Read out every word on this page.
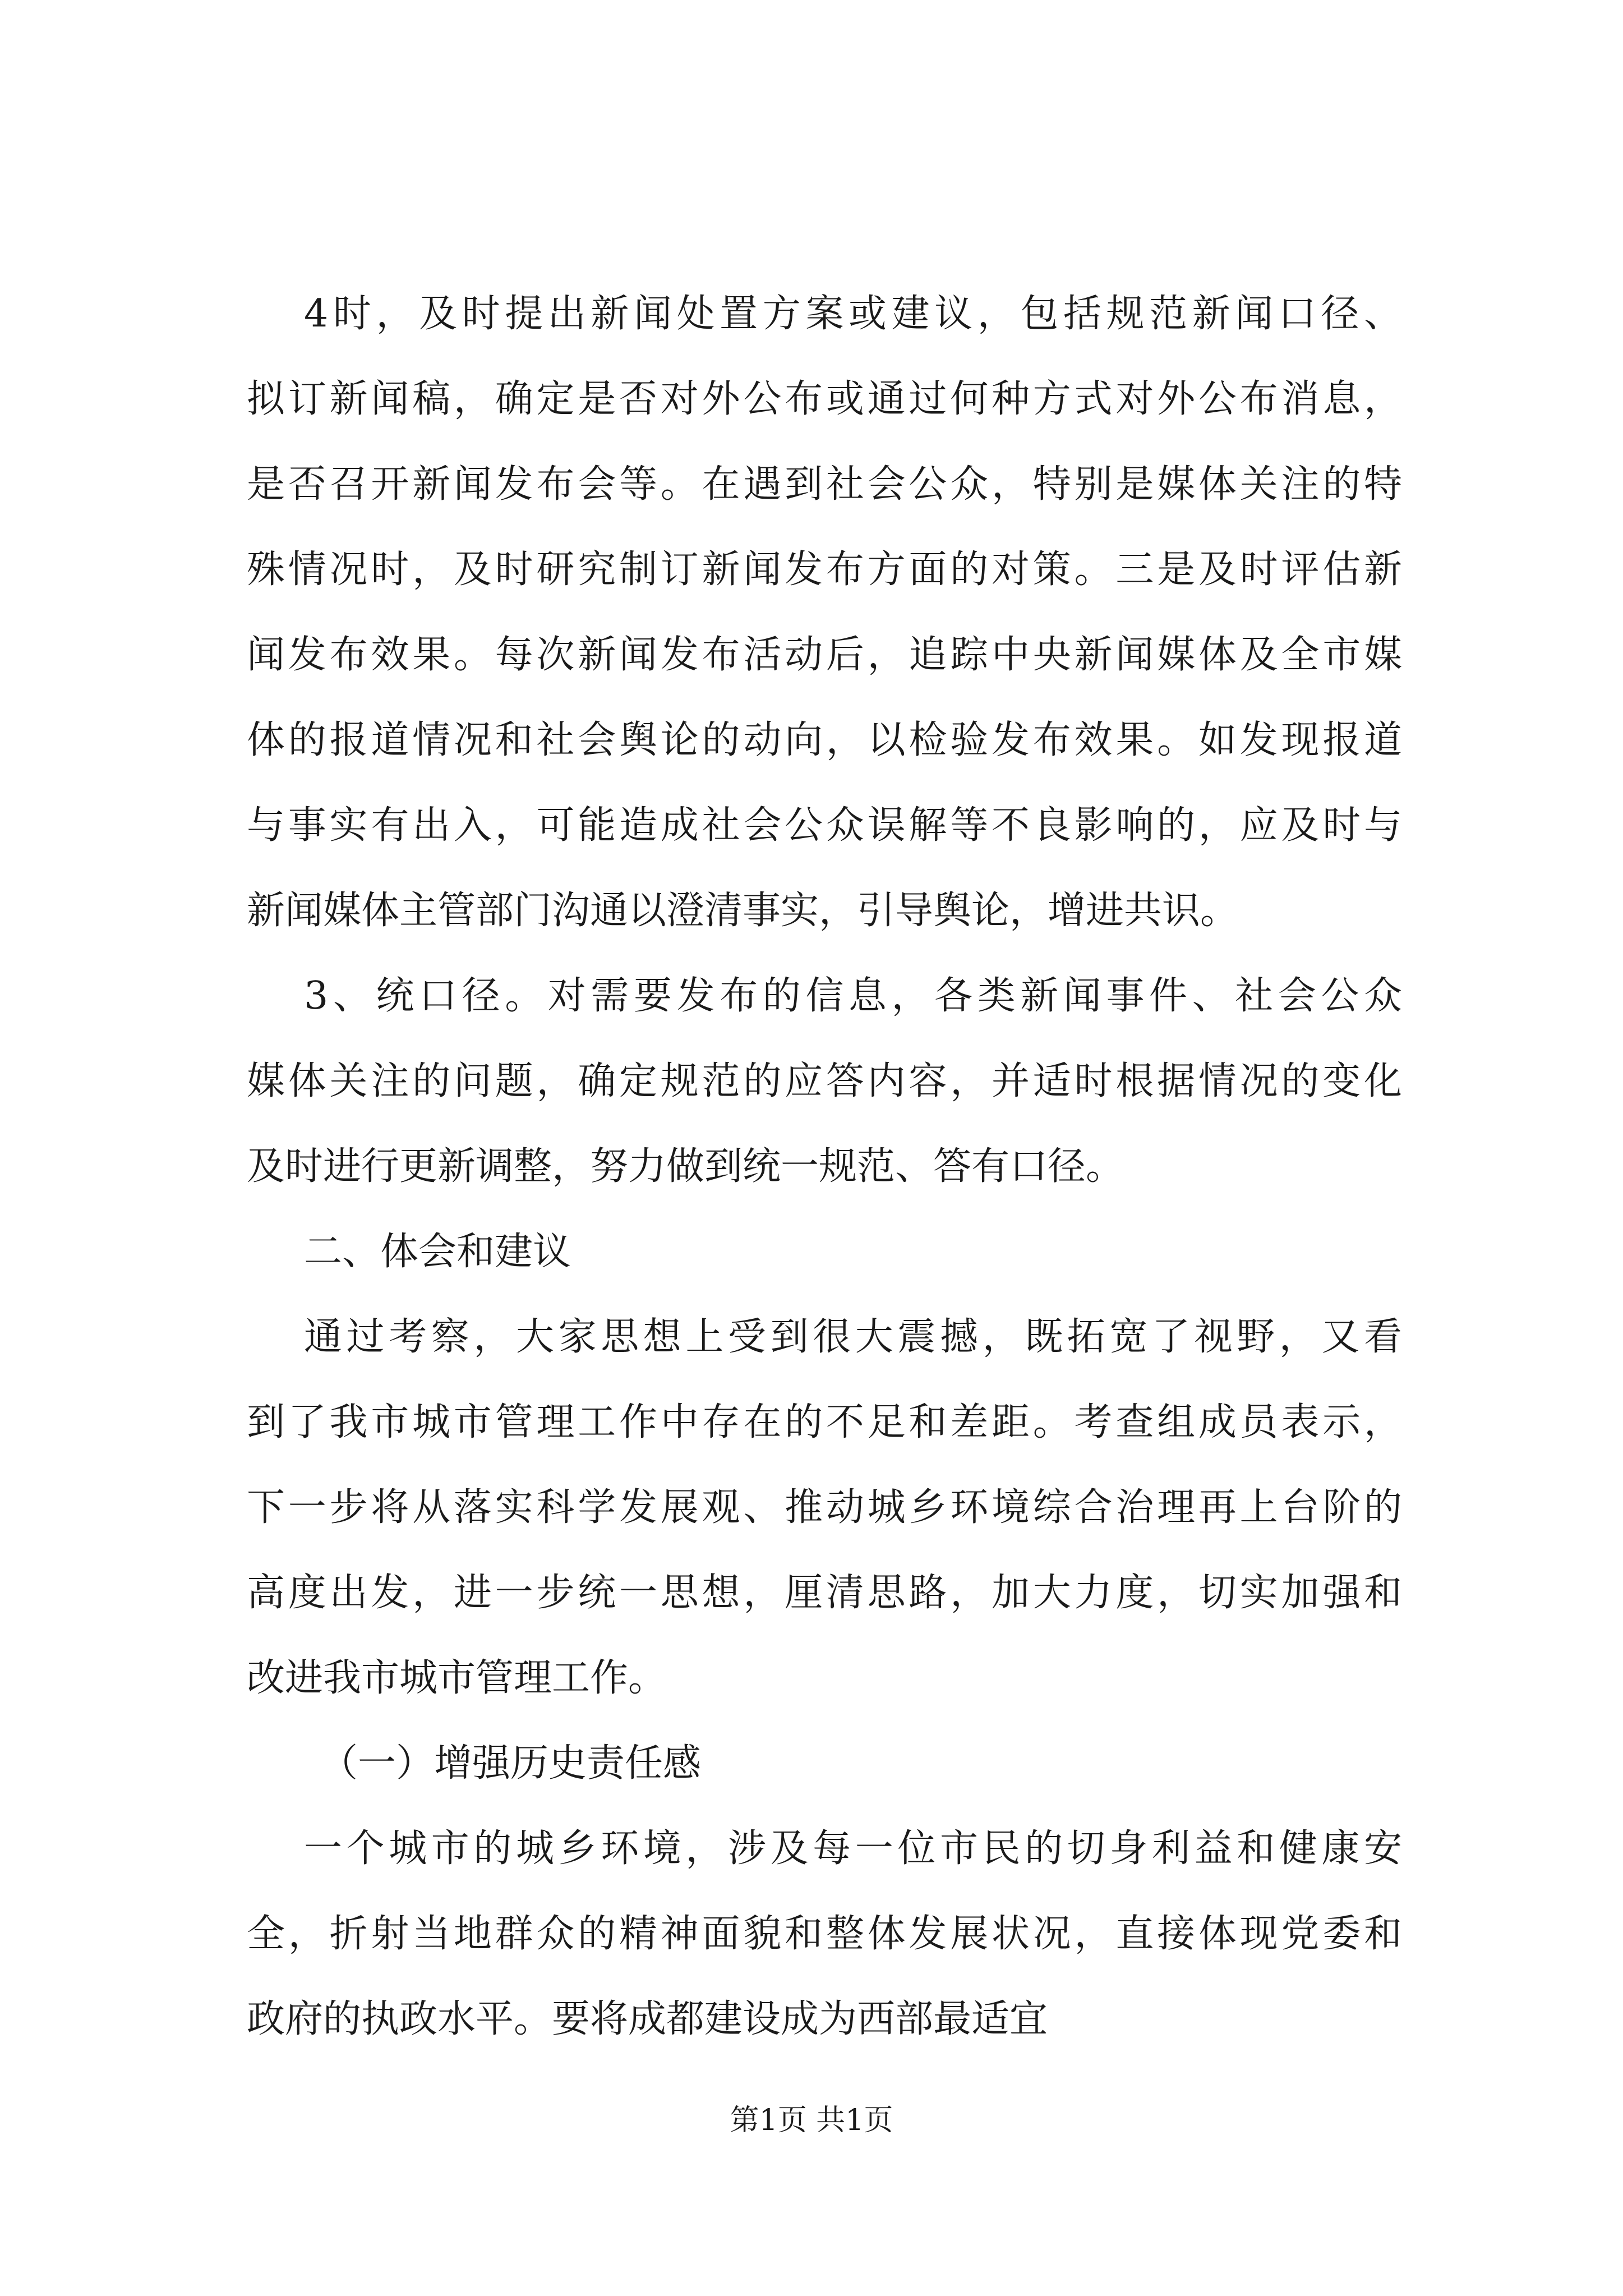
4时，及时提出新闻处置方案或建议，包括规范新闻口径、
拟订新闻稿，确定是否对外公布或通过何种方式对外公布消息，
是否召开新闻发布会等。在遇到社会公众，特别是媒体关注的特
殊情况时，及时研究制订新闻发布方面的对策。三是及时评估新
闻发布效果。每次新闻发布活动后，追踪中央新闻媒体及全市媒
体的报道情况和社会舆论的动向，以检验发布效果。如发现报道
与事实有出入，可能造成社会公众误解等不良影响的，应及时与
新闻媒体主管部门沟通以澄清事实，引导舆论，增进共识。
3、统口径。对需要发布的信息，各类新闻事件、社会公众
媒体关注的问题，确定规范的应答内容，并适时根据情况的变化
及时进行更新调整，努力做到统一规范、答有口径。
二、体会和建议
通过考察，大家思想上受到很大震撼，既拓宽了视野，又看
到了我市城市管理工作中存在的不足和差距。考查组成员表示，
下一步将从落实科学发展观、推动城乡环境综合治理再上台阶的
高度出发，进一步统一思想，厘清思路，加大力度，切实加强和
改进我市城市管理工作。
（一）增强历史责任感
一个城市的城乡环境，涉及每一位市民的切身利益和健康安
全，折射当地群众的精神面貌和整体发展状况，直接体现党委和
政府的执政水平。要将成都建设成为西部最适宜
第1页 共1页
